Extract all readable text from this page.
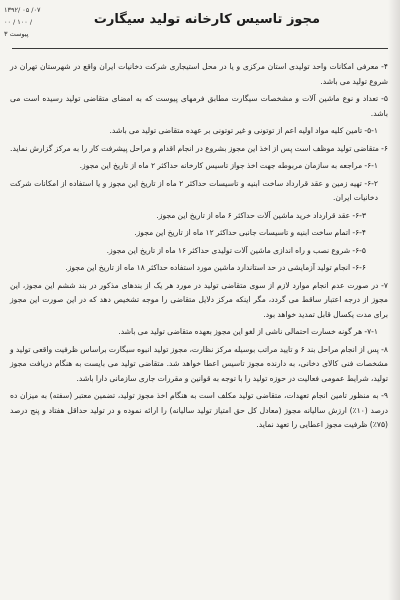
۱۳۹۲/ ۰۵ /۰۷
۰۰ / ۱۰۰ /
پیوست ۳
مجوز تاسیس کارخانه تولید سیگارت

۴- معرفی امکانات واحد تولیدی استان مرکزی و یا در محل استیجاری شرکت دخانیات ایران واقع در شهرستان تهران در شروع تولید می باشد.

۵- تعداد و نوع ماشین آلات و مشخصات سیگارت مطابق فرمهای پیوست که به امضای متقاضی تولید رسیده است می باشد.

۵-۱- تامین کلیه مواد اولیه اعم از توتونی و غیر توتونی بر عهده متقاضی تولید می باشد.

۶- متقاضی تولید موظف است پس از اخذ این مجوز بشروع در انجام اقدام و مراحل پیشرفت کار را به مرکز گزارش نماید.

۶-۱- مراجعه به سازمان مربوطه جهت اخذ جواز تاسیس کارخانه حداکثر ۲ ماه از تاریخ این مجوز.

۶-۲- تهیه زمین و عقد قرارداد ساخت ابنیه و تاسیسات حداکثر ۲ ماه از تاریخ این مجوز و یا استفاده از امکانات شرکت دخانیات ایران.

۶-۳- عقد قرارداد خرید ماشین آلات حداکثر ۶ ماه از تاریخ این مجوز.

۶-۴- اتمام ساخت ابنیه و تاسیسات جانبی حداکثر ۱۲ ماه از تاریخ این مجوز.

۶-۵- شروع نصب و راه اندازی ماشین آلات تولیدی حداکثر ۱۶ ماه از تاریخ این مجوز.

۶-۶- انجام تولید آزمایشی در حد استاندارد ماشین مورد استفاده حداکثر ۱۸ ماه از تاریخ این مجوز.

۷- در صورت عدم انجام موارد لازم از سوی متقاضی تولید در مورد هر یک از بندهای مذکور در بند ششم این مجوز، این مجوز از درجه اعتبار ساقط می گردد، مگر اینکه مرکز دلایل متقاضی را موجه تشخیص دهد که در این صورت این مجوز برای مدت یکسال قابل تمدید خواهد بود.

۷-۱- هر گونه خسارت احتمالی ناشی از لغو این مجوز بعهده متقاضی تولید می باشد.

۸- پس از انجام مراحل بند ۶ و تایید مراتب بوسیله مرکز نظارت، مجوز تولید انبوه سیگارت براساس ظرفیت واقعی تولید و مشخصات فنی کالای دخانی، به دارنده مجوز تاسیس اعطا خواهد شد. متقاضی تولید می بایست به هنگام دریافت مجوز تولید، شرایط عمومی فعالیت در حوزه تولید را با توجه به قوانین و مقررات جاری سازمانی دارا باشد.

۹- به منظور تامین انجام تعهدات، متقاضی تولید مکلف است به هنگام اخذ مجوز تولید، تضمین معتبر (سفته) به میزان ده درصد (۱۰٪) ارزش سالیانه مجوز (معادل کل حق امتیاز تولید سالیانه) را ارائه نموده و در تولید حداقل هفتاد و پنج درصد (۷۵٪) ظرفیت مجوز اعطایی را تعهد نماید.
